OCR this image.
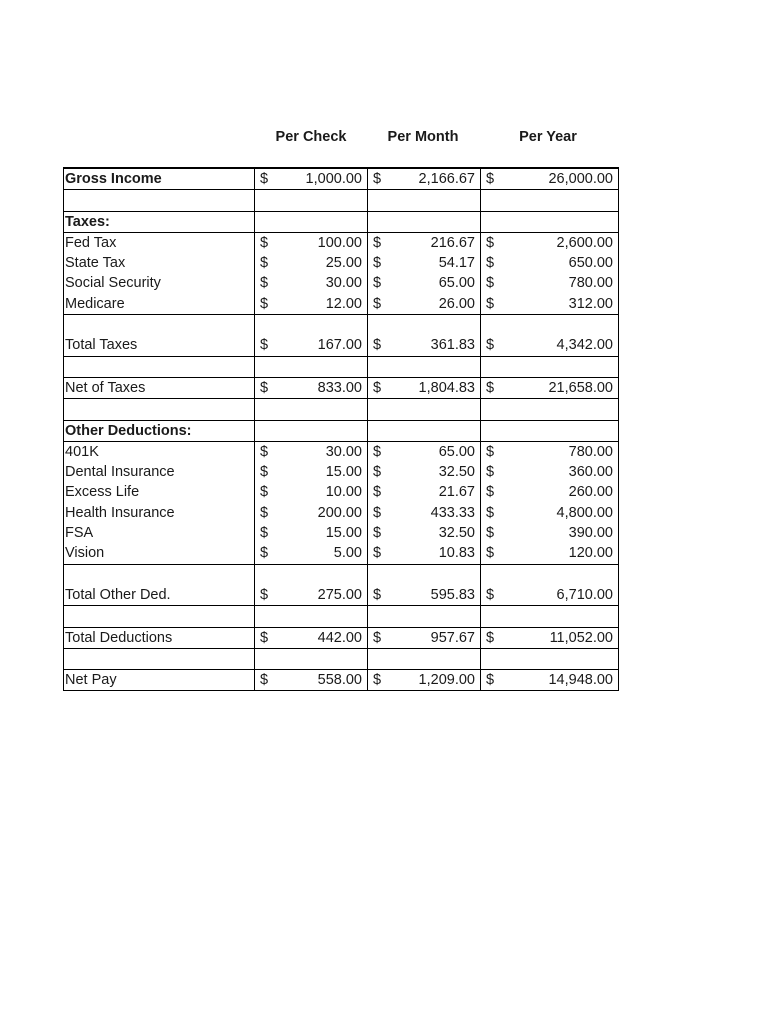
Per Check	Per Month	Per Year
Gross Income	$	1,000.00 $	2,166.67 $	26,000.00
Taxes:
Fed Tax	$	100.00 $	216.67 $	2,600.00
State Tax	$	25.00 $	54.17 $	650.00
Social Security	$	30.00 $	65.00 $	780.00
Medicare	$	12.00 $	26.00 $	312.00
Total Taxes	$	167.00 $	361.83 $	4,342.00
Net of Taxes	$	833.00 $	1,804.83 $	21,658.00
Other Deductions:
401K	$	30.00 $	65.00 $	780.00
Dental Insurance	$	15.00 $	32.50 $	360.00
Excess Life	$	10.00 $	21.67 $	260.00
Health Insurance	$	200.00 $	433.33 $	4,800.00
FSA	$	15.00 $	32.50 $	390.00
Vision	$	5.00 $	10.83 $	120.00
Total Other Ded.	$	275.00 $	595.83 $	6,710.00
Total Deductions	$	442.00 $	957.67 $	11,052.00
Net Pay	$	558.00 $	1,209.00 $	14,948.00
